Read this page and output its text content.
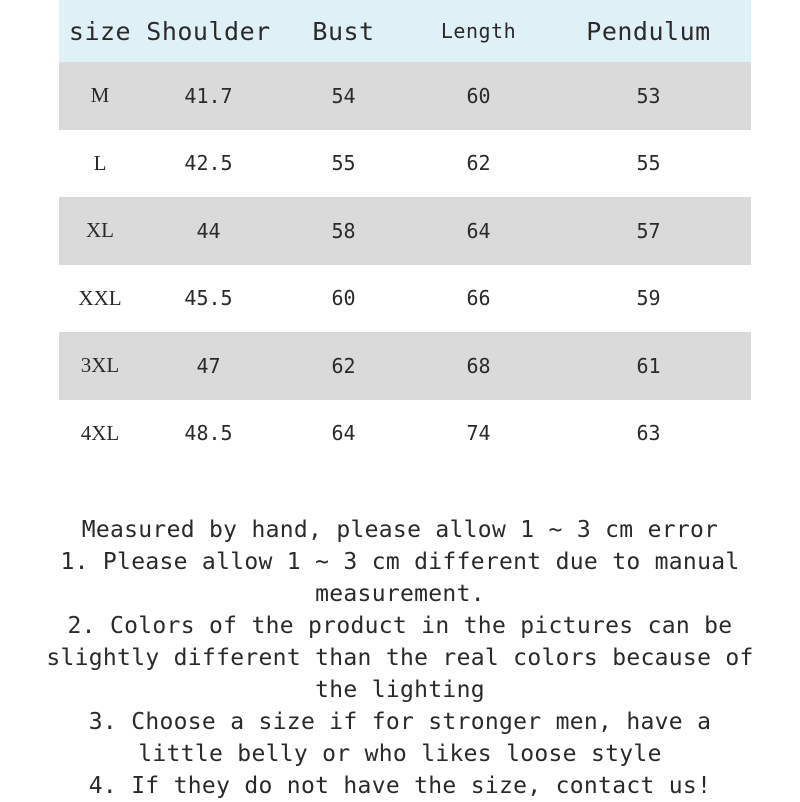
size	Shoulder	Bust	Length	Pendulum
M	41.7	54	60	53
L	42.5	55	62	55
XL	44	58	64	57
XXL	45.5	60	66	59
3XL	47	62	68	61
4XL	48.5	64	74	63

Measured by hand, please allow 1 ~ 3 cm error

1. Please allow 1 ~ 3 cm different due to manual measurement.

2. Colors of the product in the pictures can be slightly different than the real colors because of the lighting

3. Choose a size if for stronger men, have a little belly or who likes loose style

4. If they do not have the size, contact us!
